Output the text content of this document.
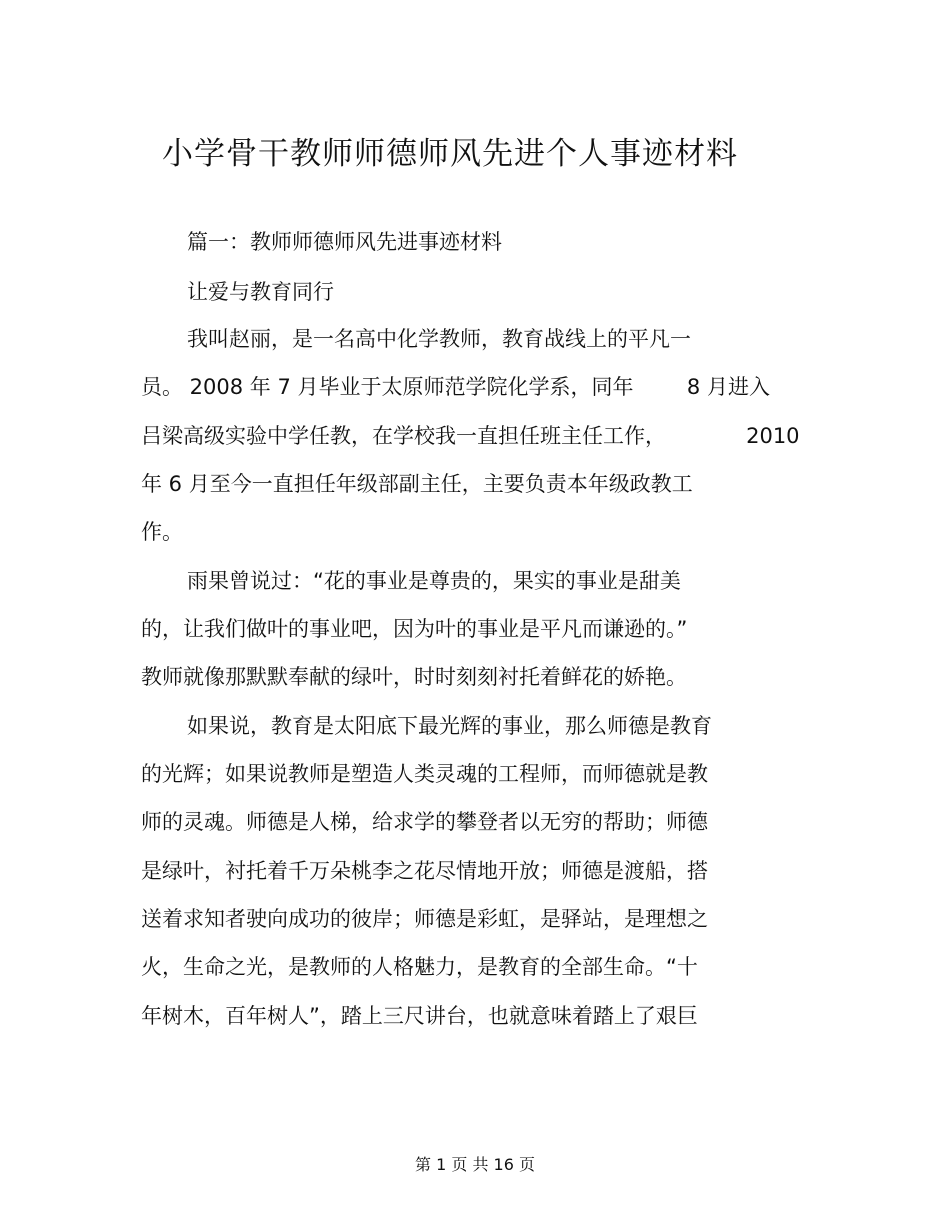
小学骨干教师师德师风先进个人事迹材料

篇一：教师师德师风先进事迹材料

让爱与教育同行

我叫赵丽，是一名高中化学教师，教育战线上的平凡一

员。 2008 年 7 月毕业于太原师范学院化学系，同年        8 月进入

吕梁高级实验中学任教，在学校我一直担任班主任工作，            2010

年 6 月至今一直担任年级部副主任，主要负责本年级政教工

作。

雨果曾说过：“花的事业是尊贵的，果实的事业是甜美

的，让我们做叶的事业吧，因为叶的事业是平凡而谦逊的。”

教师就像那默默奉献的绿叶，时时刻刻衬托着鲜花的娇艳。

如果说，教育是太阳底下最光辉的事业，那么师德是教育

的光辉；如果说教师是塑造人类灵魂的工程师，而师德就是教

师的灵魂。师德是人梯，给求学的攀登者以无穷的帮助；师德

是绿叶，衬托着千万朵桃李之花尽情地开放；师德是渡船，搭

送着求知者驶向成功的彼岸；师德是彩虹，是驿站，是理想之

火，生命之光，是教师的人格魅力，是教育的全部生命。“十

年树木，百年树人”，踏上三尺讲台，也就意味着踏上了艰巨

第 1 页 共 16 页
